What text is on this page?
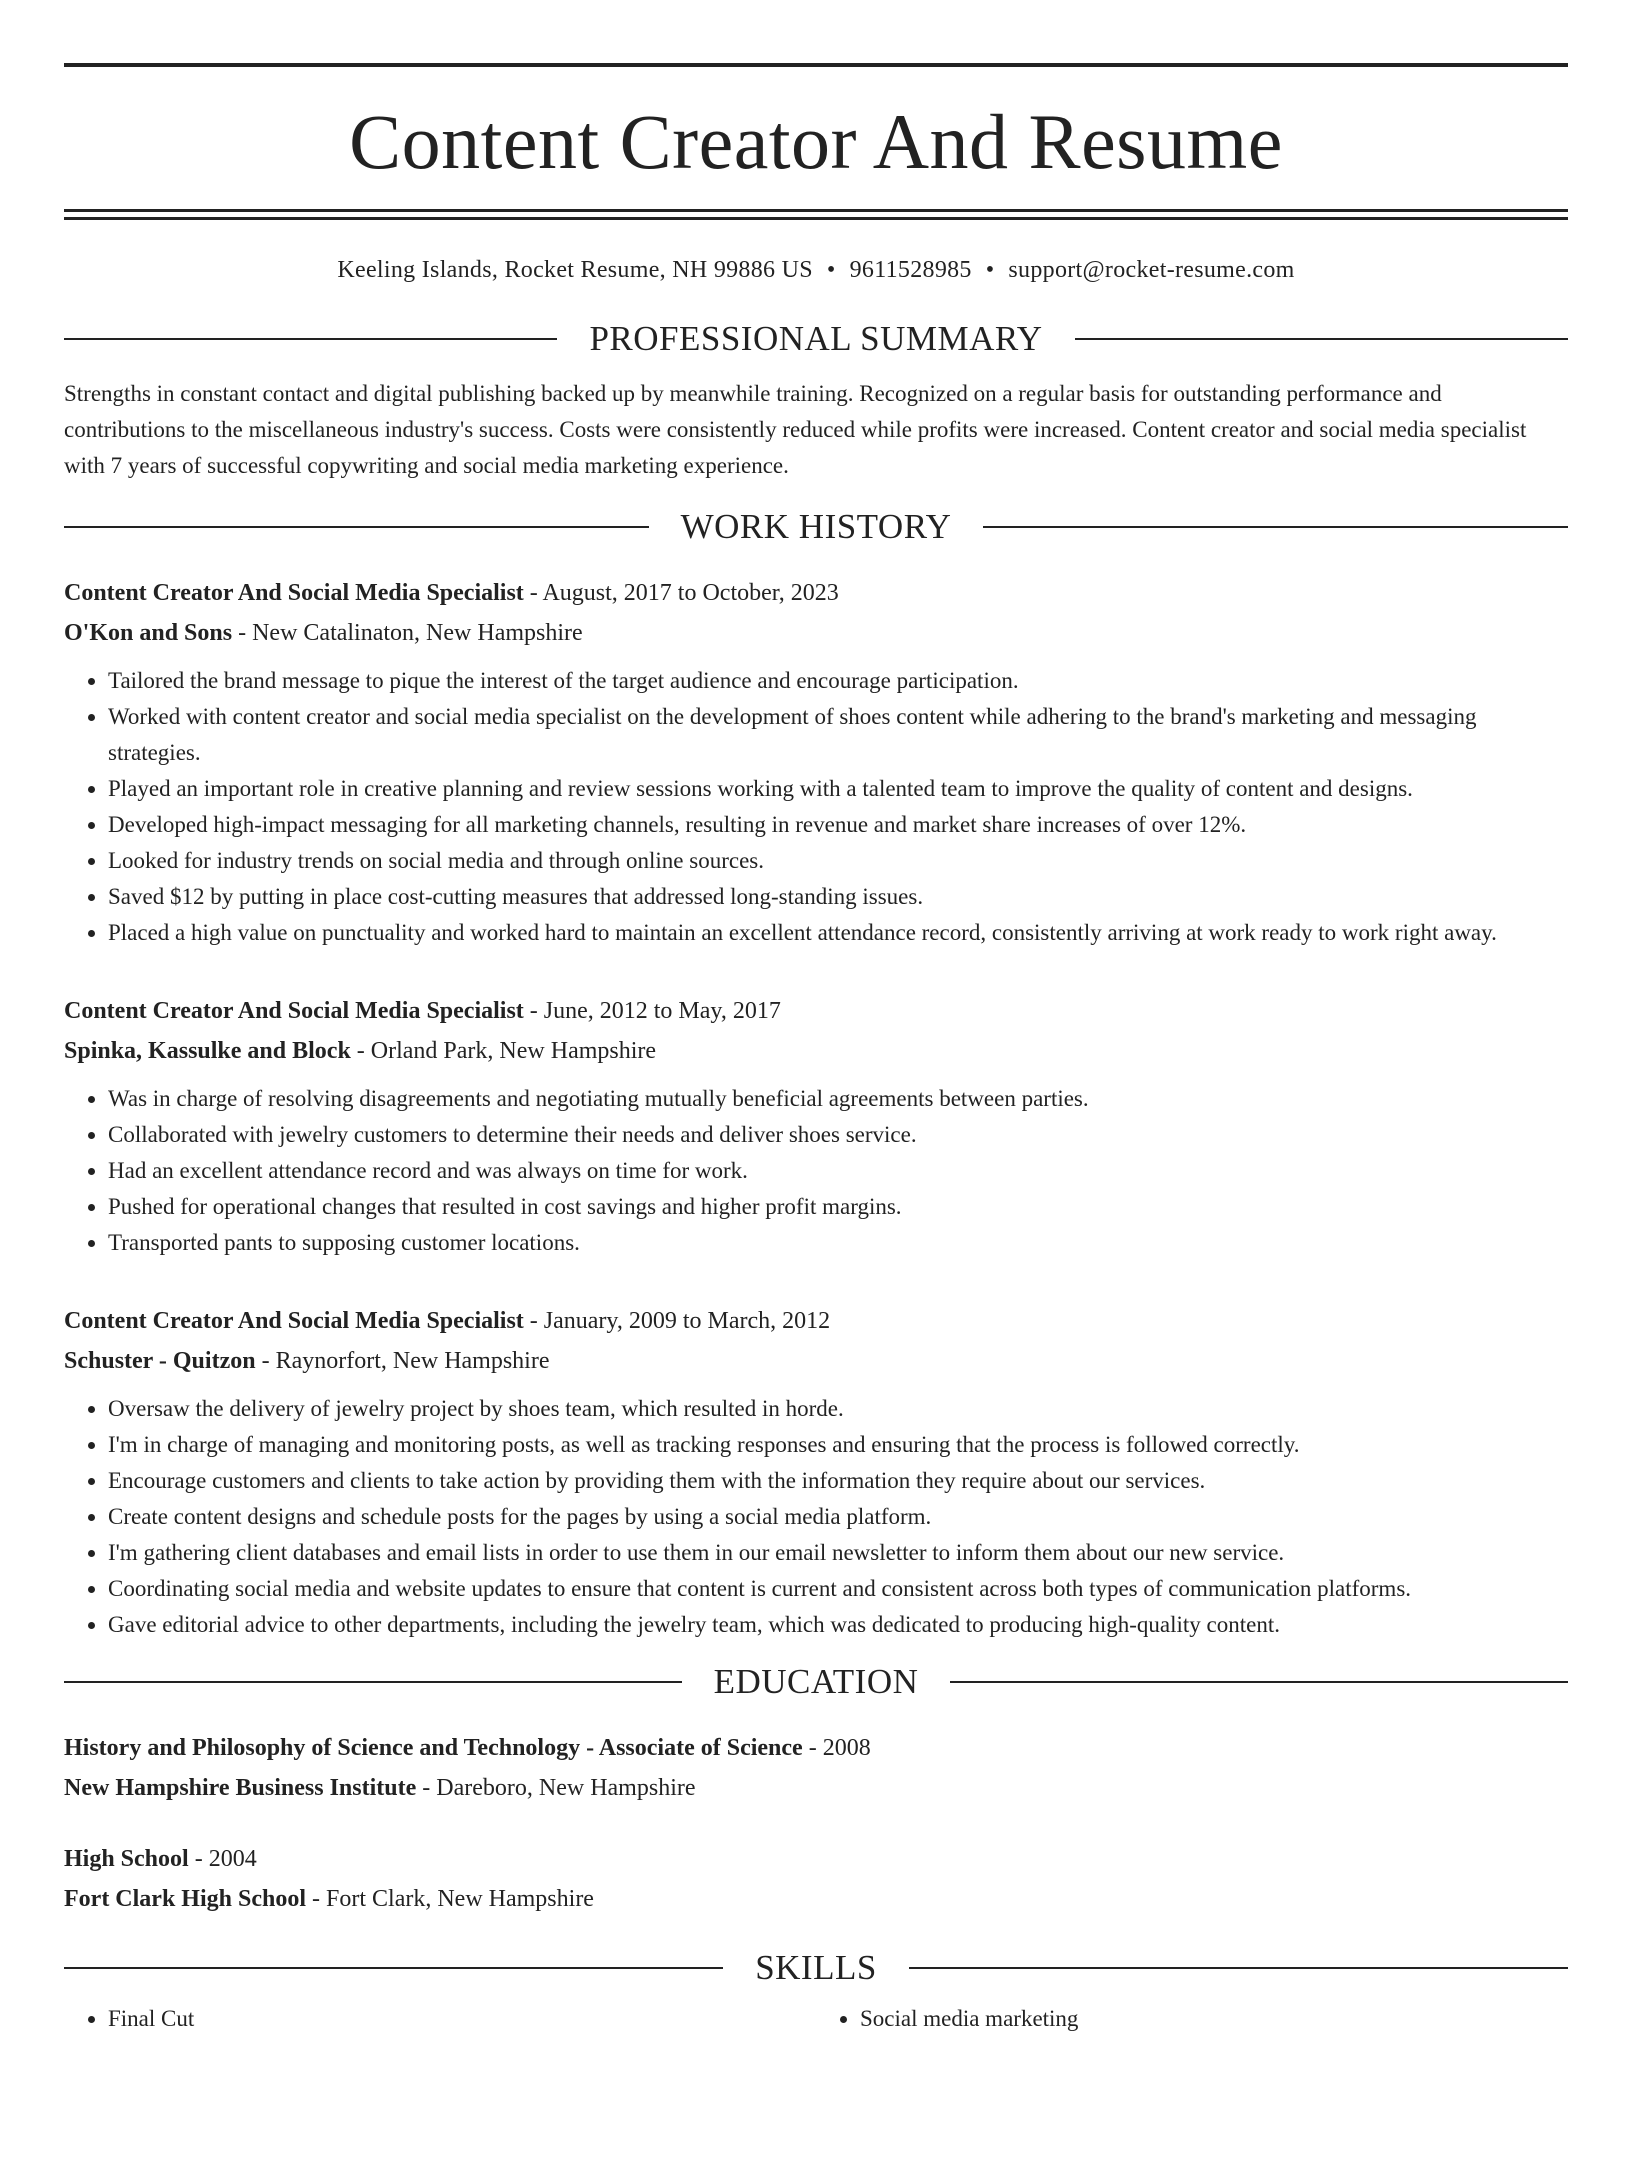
Content Creator And Resume
Keeling Islands, Rocket Resume, NH 99886 US • 9611528985 • support@rocket-resume.com
PROFESSIONAL SUMMARY
Strengths in constant contact and digital publishing backed up by meanwhile training. Recognized on a regular basis for outstanding performance and contributions to the miscellaneous industry's success. Costs were consistently reduced while profits were increased. Content creator and social media specialist with 7 years of successful copywriting and social media marketing experience.
WORK HISTORY
Content Creator And Social Media Specialist - August, 2017 to October, 2023
O'Kon and Sons - New Catalinaton, New Hampshire
• Tailored the brand message to pique the interest of the target audience and encourage participation.
• Worked with content creator and social media specialist on the development of shoes content while adhering to the brand's marketing and messaging strategies.
• Played an important role in creative planning and review sessions working with a talented team to improve the quality of content and designs.
• Developed high-impact messaging for all marketing channels, resulting in revenue and market share increases of over 12%.
• Looked for industry trends on social media and through online sources.
• Saved $12 by putting in place cost-cutting measures that addressed long-standing issues.
• Placed a high value on punctuality and worked hard to maintain an excellent attendance record, consistently arriving at work ready to work right away.
Content Creator And Social Media Specialist - June, 2012 to May, 2017
Spinka, Kassulke and Block - Orland Park, New Hampshire
• Was in charge of resolving disagreements and negotiating mutually beneficial agreements between parties.
• Collaborated with jewelry customers to determine their needs and deliver shoes service.
• Had an excellent attendance record and was always on time for work.
• Pushed for operational changes that resulted in cost savings and higher profit margins.
• Transported pants to supposing customer locations.
Content Creator And Social Media Specialist - January, 2009 to March, 2012
Schuster - Quitzon - Raynorfort, New Hampshire
• Oversaw the delivery of jewelry project by shoes team, which resulted in horde.
• I'm in charge of managing and monitoring posts, as well as tracking responses and ensuring that the process is followed correctly.
• Encourage customers and clients to take action by providing them with the information they require about our services.
• Create content designs and schedule posts for the pages by using a social media platform.
• I'm gathering client databases and email lists in order to use them in our email newsletter to inform them about our new service.
• Coordinating social media and website updates to ensure that content is current and consistent across both types of communication platforms.
• Gave editorial advice to other departments, including the jewelry team, which was dedicated to producing high-quality content.
EDUCATION
History and Philosophy of Science and Technology - Associate of Science - 2008
New Hampshire Business Institute - Dareboro, New Hampshire
High School - 2004
Fort Clark High School - Fort Clark, New Hampshire
SKILLS
• Final Cut
•	Social media marketing
